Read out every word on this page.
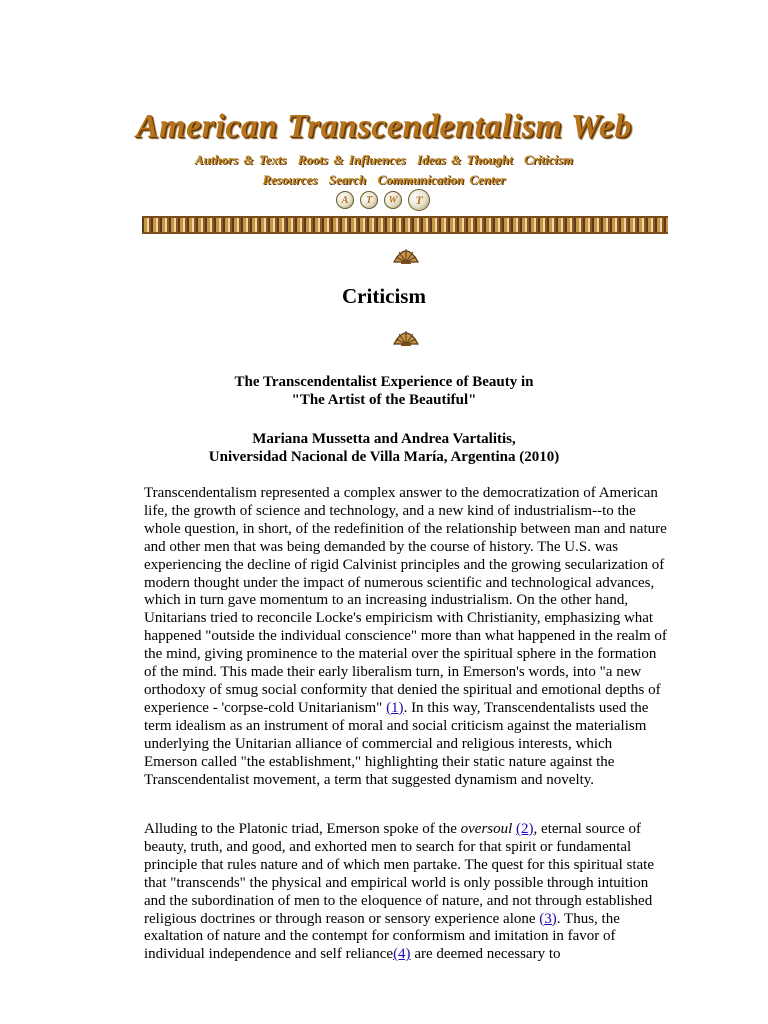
American Transcendentalism Web
Authors & Texts Roots & Influences Ideas & Thought Criticism
Resources Search Communication Center
A	T	W	T
Criticism
The Transcendentalist Experience of Beauty in
"The Artist of the Beautiful"
Mariana Mussetta and Andrea Vartalitis,
Universidad Nacional de Villa María, Argentina (2010)

Transcendentalism represented a complex answer to the democratization of American life, the growth of science and technology, and a new kind of industrialism--to the whole question, in short, of the redefinition of the relationship between man and nature and other men that was being demanded by the course of history. The U.S. was experiencing the decline of rigid Calvinist principles and the growing secularization of modern thought under the impact of numerous scientific and technological advances, which in turn gave momentum to an increasing industrialism. On the other hand, Unitarians tried to reconcile Locke's empiricism with Christianity, emphasizing what happened "outside the individual conscience" more than what happened in the realm of the mind, giving prominence to the material over the spiritual sphere in the formation of the mind. This made their early liberalism turn, in Emerson's words, into "a new orthodoxy of smug social conformity that denied the spiritual and emotional depths of experience - 'corpse-cold Unitarianism" (1). In this way, Transcendentalists used the term idealism as an instrument of moral and social criticism against the materialism underlying the Unitarian alliance of commercial and religious interests, which Emerson called "the establishment," highlighting their static nature against the Transcendentalist movement, a term that suggested dynamism and novelty.

Alluding to the Platonic triad, Emerson spoke of the oversoul (2), eternal source of beauty, truth, and good, and exhorted men to search for that spirit or fundamental principle that rules nature and of which men partake. The quest for this spiritual state that "transcends" the physical and empirical world is only possible through intuition and the subordination of men to the eloquence of nature, and not through established religious doctrines or through reason or sensory experience alone (3). Thus, the exaltation of nature and the contempt for conformism and imitation in favor of individual independence and self reliance(4) are deemed necessary to
